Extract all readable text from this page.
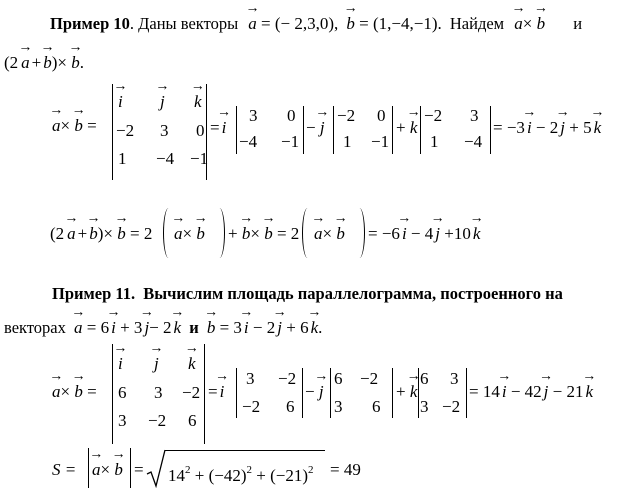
Пример 10. Даны векторы → a = (− 2,3,0), → b = (1,−4,−1). Найдем → a× → b и
(2 → a + → b)× → b.
→ a× → b =
→ i → j → k
−2 3 0
1 −4 −1
= → i
3 0
−4 −1
− → j
−2 0
1 −1
+ → k
−2 3
1 −4
= −3 → i − 2 → j + 5 → k
(2 → a + → b)× → b = 2 → a× → b + → b× → b = 2 → a× → b = −6 → i − 4 → j +10 → k
Пример 11. Вычислим площадь параллелограмма, построенного на
векторах → a = 6 → i + 3 → j− 2 → k и → b = 3 → i − 2 → j + 6 → k.
→ a× → b =
→ i → j → k
6 3 −2
3 −2 6
= → i
3 −2
−2 6
− → j
6 −2
3 6
+ → k
6 3
3 −2
= 14 → i − 42 → j − 21 → k
S = → $a\times \to b = 14^2 + (-42)^2 + (-21)^2 = 49$
